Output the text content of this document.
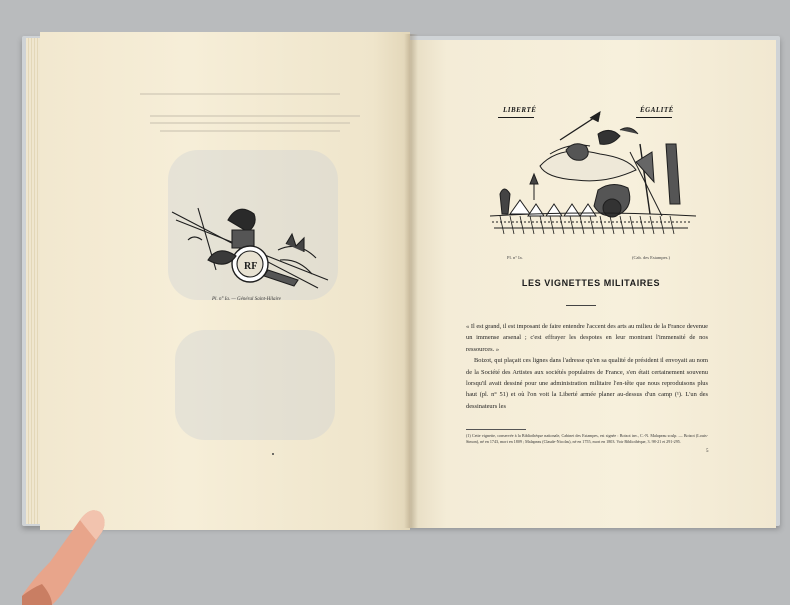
RF
Pl. n° Ia. — Général Saint-Hilaire
LIBERTÉ	ÉGALITÉ
Pl. n° Ia.	(Cab. des Estampes.)
LES VIGNETTES MILITAIRES

« Il est grand, il est imposant de faire entendre l'accent des arts au milieu de la France devenue un immense arsenal ; c'est effrayer les despotes en leur montrant l'immensité de nos ressources. »

Boizot, qui plaçait ces lignes dans l'adresse qu'en sa qualité de président il envoyait au nom de la Société des Artistes aux sociétés populaires de France, s'en était certainement souvenu lorsqu'il avait dessiné pour une administration militaire l'en-tête que nous reproduisons plus haut (pl. n° 51) et où l'on voit la Liberté armée planer au-dessus d'un camp (¹). L'un des dessinateurs les

(1) Cette vignette, conservée à la Bibliothèque nationale, Cabinet des Estampes, est signée : Boizot inv., C.-N. Malapeau sculp. — Boizot (Louis-Simon), né en 1743, mort en 1809 ; Malapeau (Claude-Nicolas), né en 1755, mort en 1803. Voir Bibliothèque, 3. 98-21 et 291-295.
5
